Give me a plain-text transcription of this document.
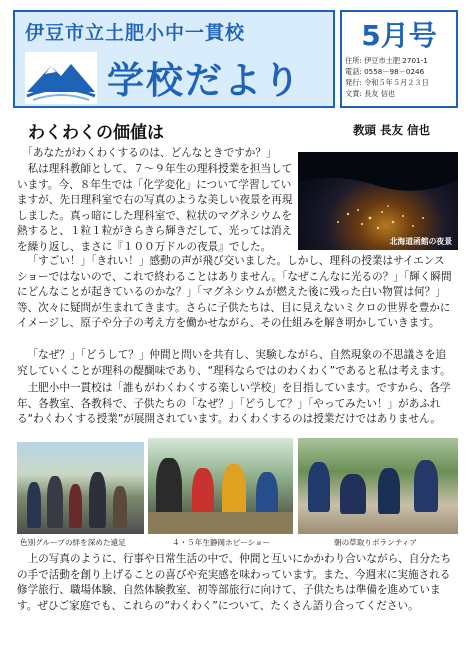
伊豆市立土肥小中一貫校
学校だより
5月号
住所: 伊豆市土肥 2701-1
電話: 0558－98－0246
発行: 令和５年５月２３日
文責: 長友 信也
わくわくの価値は	教頭 長友 信也

「あなたがわくわくするのは、どんなときですか？」

私は理科教師として、７～９年生の理科授業を担当しています。今、８年生では「化学変化」について学習していますが、先日理科室で右の写真のような美しい夜景を再現しました。真っ暗にした理科室で、粒状のマグネシウムを熱すると、１粒１粒がきらきら輝きだして、光っては消えを繰り返し、まさに『１００万ドルの夜景』でした。	北海道函館の夜景

「すごい！」「きれい！」感動の声が飛び交いました。しかし、理科の授業はサイエンスショーではないので、これで終わることはありません。「なぜこんなに光るの？」「輝く瞬間にどんなことが起きているのかな？」「マグネシウムが燃えた後に残った白い物質は何？」等、次々に疑問が生まれてきます。さらに子供たちは、目に見えないミクロの世界を豊かにイメージし、原子や分子の考え方を働かせながら、その仕組みを解き明かしていきます。

「なぜ？」「どうして？」仲間と問いを共有し、実験しながら、自然現象の不思議さを追究していくことが理科の醍醐味であり、“理科ならではのわくわく”であると私は考えます。

土肥小中一貫校は「誰もがわくわくする楽しい学校」を目指しています。ですから、各学年、各教室、各教科で、子供たちの「なぜ？」「どうして？」「やってみたい！」があふれる“わくわくする授業”が展開されています。わくわくするのは授業だけではありません。

色別グループの絆を深めた遠足	４・５年生静岡ホビーショー	朝の草取りボランティア

上の写真のように、行事や日常生活の中で、仲間と互いにかかわり合いながら、自分たちの手で活動を創り上げることの喜びや充実感を味わっています。また、今週末に実施される修学旅行、職場体験、自然体験教室、初等部旅行に向けて、子供たちは準備を進めています。ぜひご家庭でも、これらの“わくわく”について、たくさん語り合ってください。
